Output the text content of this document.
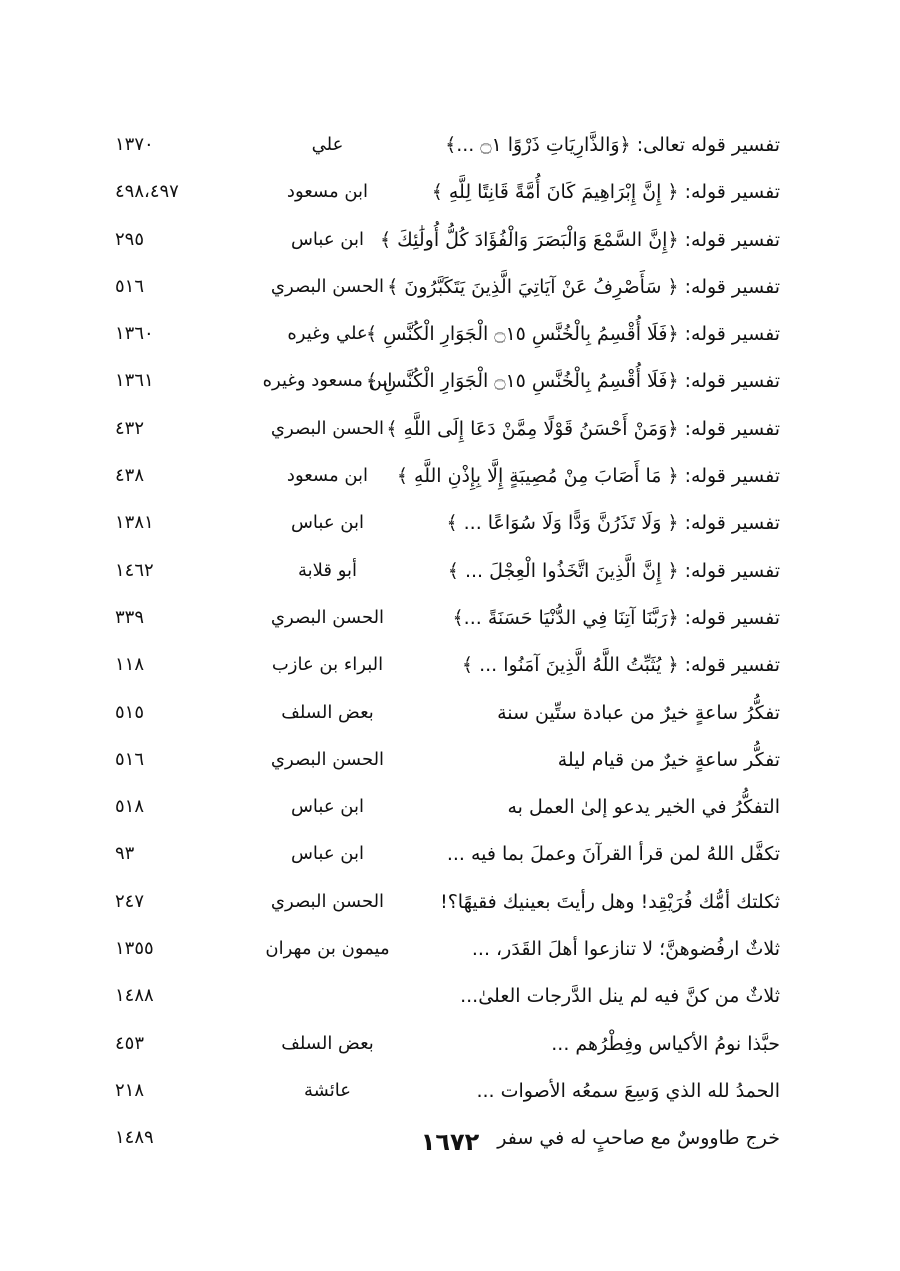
تفسير قوله تعالى: ﴿وَالذَّارِيَاتِ ذَرْوًا ۝١ ...﴾
علي
١٣٧٠
تفسير قوله: ﴿ إِنَّ إِبْرَاهِيمَ كَانَ أُمَّةً قَانِتًا لِلَّهِ ﴾
ابن مسعود
٤٩٨،٤٩٧
تفسير قوله: ﴿إِنَّ السَّمْعَ وَالْبَصَرَ وَالْفُؤَادَ كُلُّ أُولَٰئِكَ ﴾
ابن عباس
٢٩٥
تفسير قوله: ﴿ سَأَصْرِفُ عَنْ آيَاتِيَ الَّذِينَ يَتَكَبَّرُونَ ﴾
الحسن البصري
٥١٦
تفسير قوله: ﴿فَلَا أُقْسِمُ بِالْخُنَّسِ ۝١٥ الْجَوَارِ الْكُنَّسِ ﴾
علي وغيره
١٣٦٠
تفسير قوله: ﴿فَلَا أُقْسِمُ بِالْخُنَّسِ ۝١٥ الْجَوَارِ الْكُنَّسِ ﴾
ابن مسعود وغيره
١٣٦١
تفسير قوله: ﴿وَمَنْ أَحْسَنُ قَوْلًا مِمَّنْ دَعَا إِلَى اللَّهِ ﴾
الحسن البصري
٤٣٢
تفسير قوله: ﴿ مَا أَصَابَ مِنْ مُصِيبَةٍ إِلَّا بِإِذْنِ اللَّهِ ﴾
ابن مسعود
٤٣٨
تفسير قوله: ﴿ وَلَا تَذَرُنَّ وَدًّا وَلَا سُوَاعًا ... ﴾
ابن عباس
١٣٨١
تفسير قوله: ﴿ إِنَّ الَّذِينَ اتَّخَذُوا الْعِجْلَ ... ﴾
أبو قلابة
١٤٦٢
تفسير قوله: ﴿رَبَّنَا آتِنَا فِي الدُّنْيَا حَسَنَةً ...﴾
الحسن البصري
٣٣٩
تفسير قوله: ﴿ يُثَبِّتُ اللَّهُ الَّذِينَ آمَنُوا ... ﴾
البراء بن عازب
١١٨
تفكُّرُ ساعةٍ خيرٌ من عبادة ستِّين سنة
بعض السلف
٥١٥
تفكُّر ساعةٍ خيرٌ من قيام ليلة
الحسن البصري
٥١٦
التفكُّرُ في الخير يدعو إلىٰ العمل به
ابن عباس
٥١٨
تكفَّل اللهُ لمن قرأ القرآنَ وعملَ بما فيه ...
ابن عباس
٩٣
ثكلتك أمُّك فُرَيْقِد! وهل رأيتَ بعينيك فقيهًا؟!
الحسن البصري
٢٤٧
ثلاثٌ ارفُضوهنَّ؛ لا تنازعوا أهلَ القَدَر، ...
ميمون بن مهران
١٣٥٥
ثلاثٌ من كنَّ فيه لم ينل الدَّرجات العلىٰ...
١٤٨٨
حبَّذا نومُ الأكياس وفِطْرُهم ...
بعض السلف
٤٥٣
الحمدُ لله الذي وَسِعَ سمعُه الأصوات ...
عائشة
٢١٨
خرج طاووسٌ مع صاحبٍ له في سفر
١٤٨٩	١٦٧٢
